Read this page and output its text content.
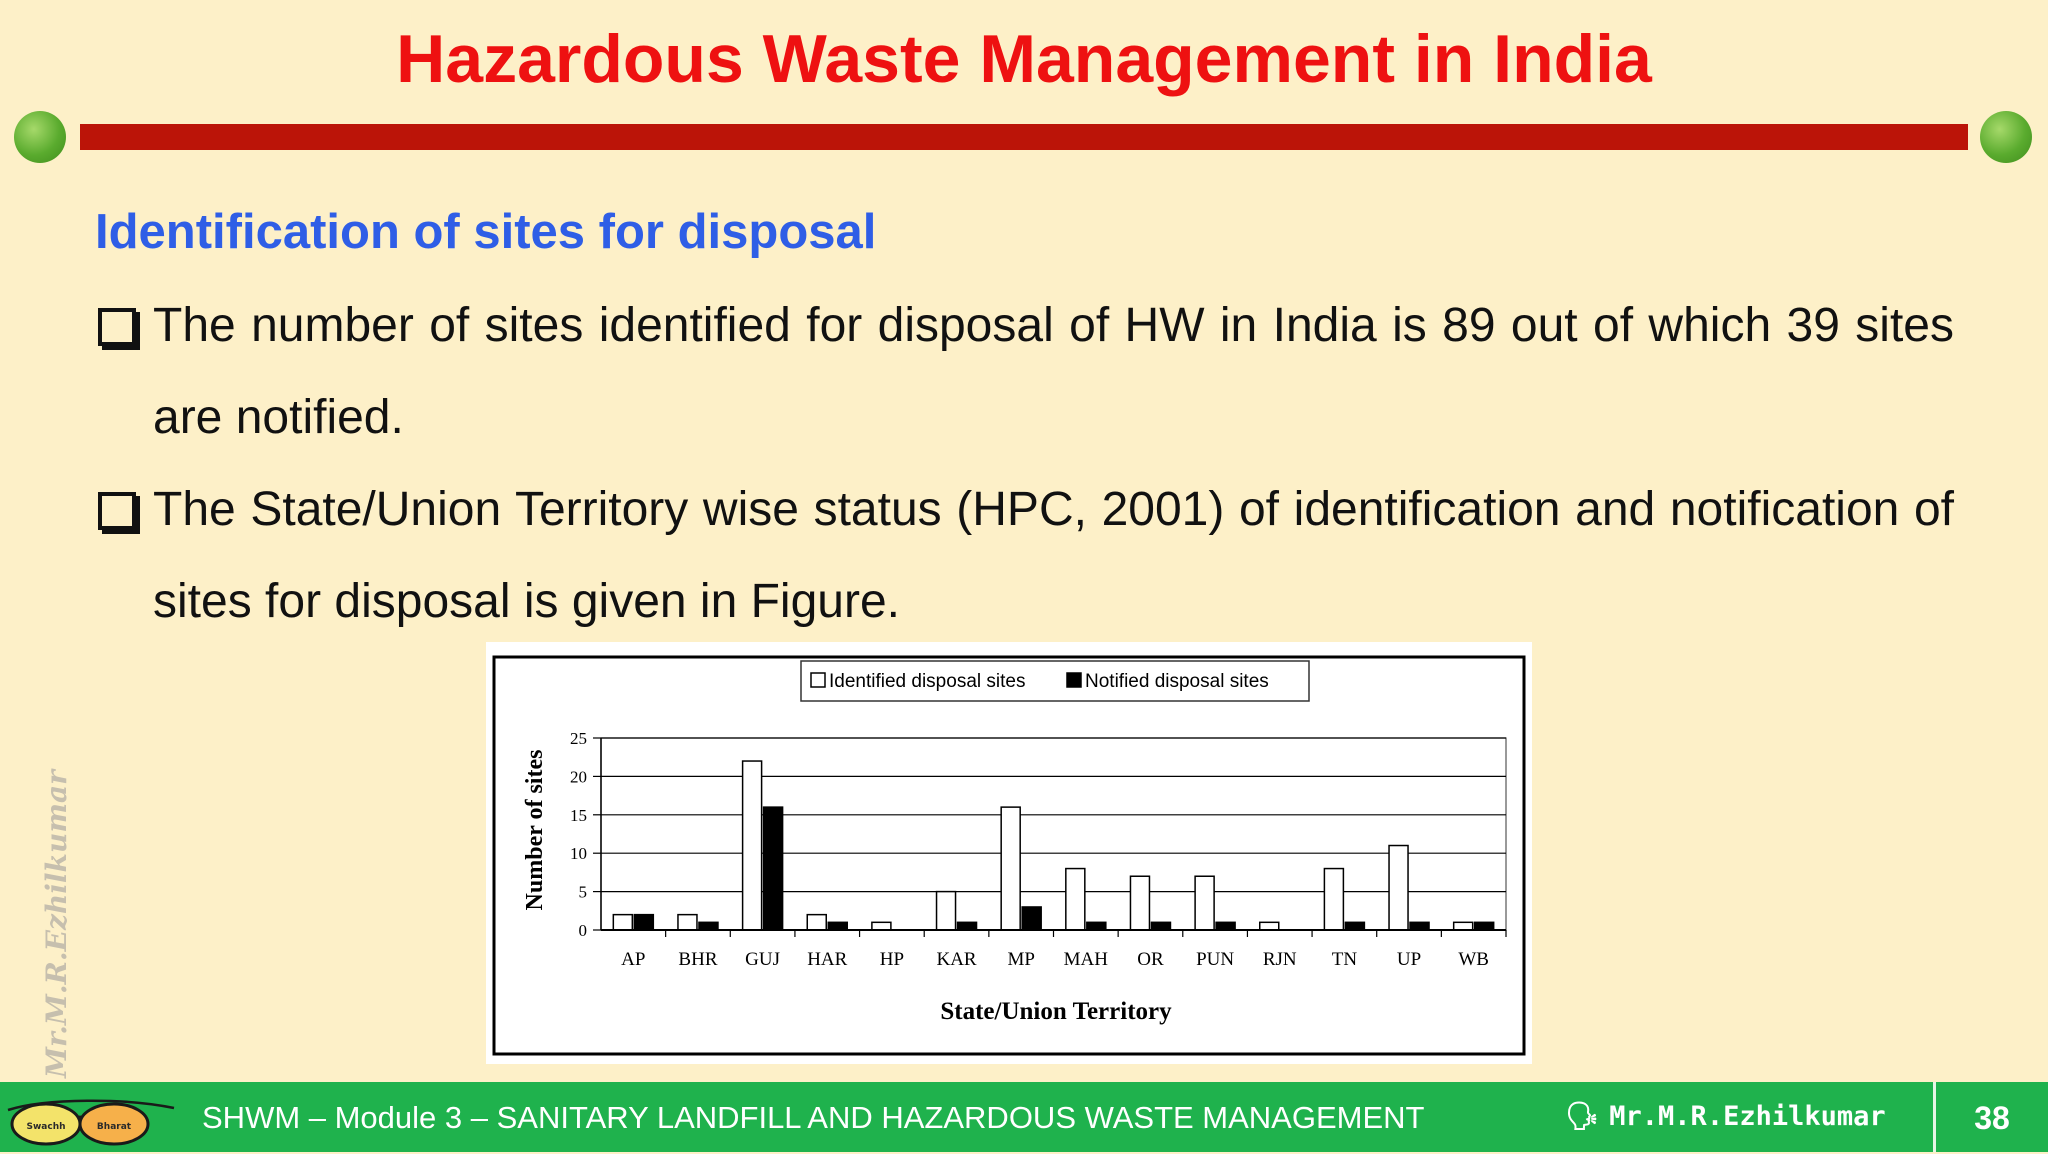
Hazardous Waste Management in India
Identification of sites for disposal
The number of sites identified for disposal of HW in India is 89 out of which 39 sites are notified.
The State/Union Territory wise status (HPC, 2001) of identification and notification of sites for disposal is given in Figure.
Identified disposal sites	Notified disposal sites
0
5
10
15
20
25
AP BHR GUJ HAR HP KAR MP MAH OR PUN RJN TN UP WB
Number of sites
State/Union Territory
Mr.M.R.Ezhilkumar
Swachh	Bharat SHWM – Module 3 – SANITARY LANDFILL AND HAZARDOUS WASTE MANAGEMENT	🗣 Mr.M.R.Ezhilkumar	38
